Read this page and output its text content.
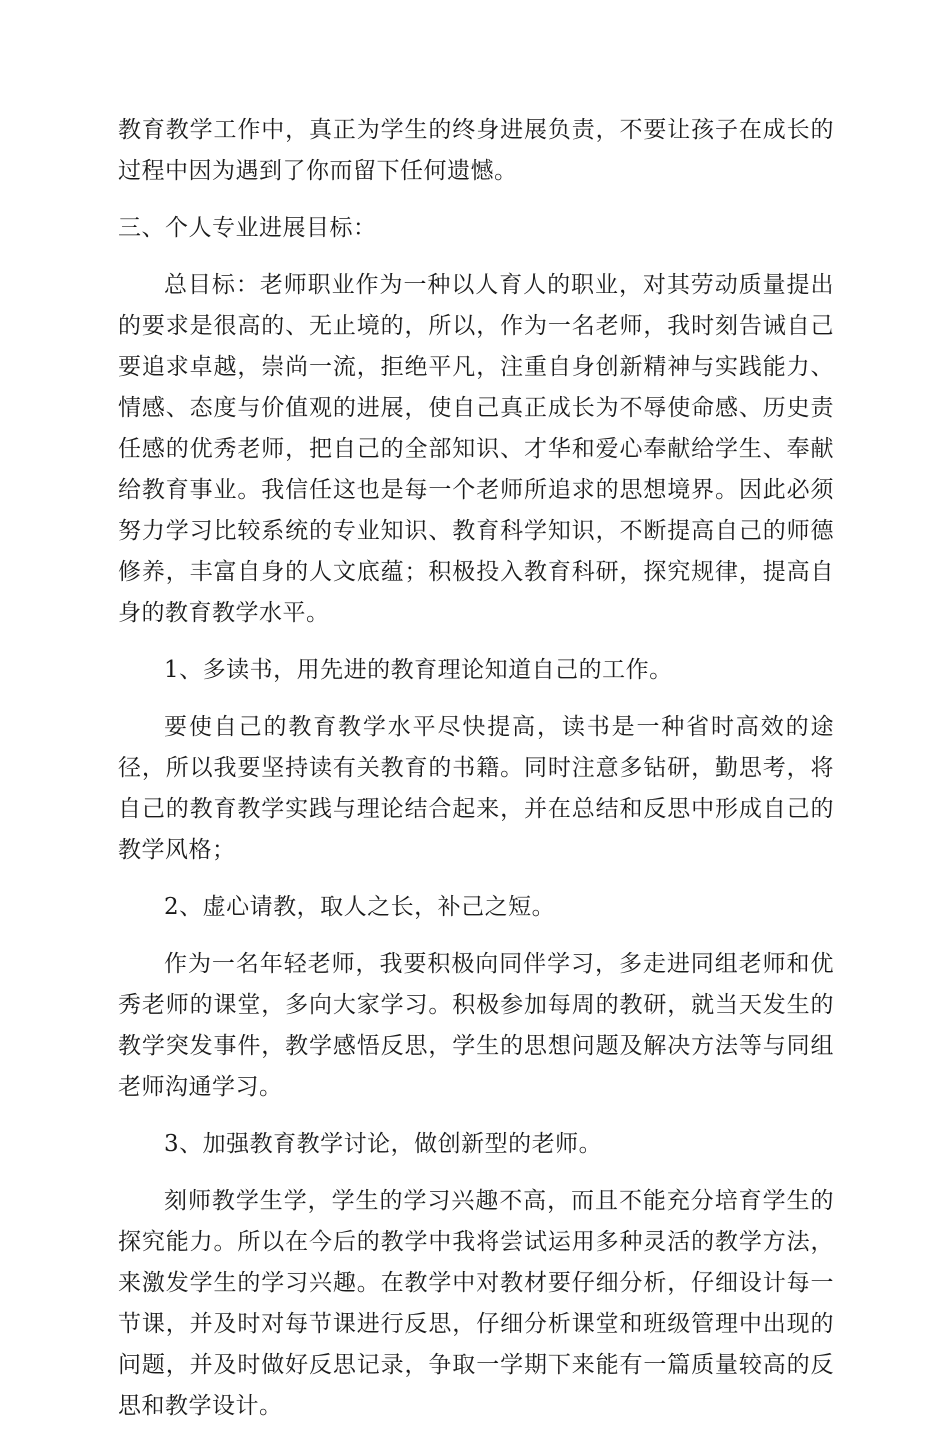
教育教学工作中，真正为学生的终身进展负责，不要让孩子在成长的过程中因为遇到了你而留下任何遗憾。

三、个人专业进展目标：

总目标：老师职业作为一种以人育人的职业，对其劳动质量提出的要求是很高的、无止境的，所以，作为一名老师，我时刻告诫自己要追求卓越，崇尚一流，拒绝平凡，注重自身创新精神与实践能力、情感、态度与价值观的进展，使自己真正成长为不辱使命感、历史责任感的优秀老师，把自己的全部知识、才华和爱心奉献给学生、奉献给教育事业。我信任这也是每一个老师所追求的思想境界。因此必须努力学习比较系统的专业知识、教育科学知识，不断提高自己的师德修养，丰富自身的人文底蕴；积极投入教育科研，探究规律，提高自身的教育教学水平。

1、多读书，用先进的教育理论知道自己的工作。

要使自己的教育教学水平尽快提高，读书是一种省时高效的途径，所以我要坚持读有关教育的书籍。同时注意多钻研，勤思考，将自己的教育教学实践与理论结合起来，并在总结和反思中形成自己的教学风格；

2、虚心请教，取人之长，补己之短。

作为一名年轻老师，我要积极向同伴学习，多走进同组老师和优秀老师的课堂，多向大家学习。积极参加每周的教研，就当天发生的教学突发事件，教学感悟反思，学生的思想问题及解决方法等与同组老师沟通学习。

3、加强教育教学讨论，做创新型的老师。

刻师教学生学，学生的学习兴趣不高，而且不能充分培育学生的探究能力。所以在今后的教学中我将尝试运用多种灵活的教学方法，来激发学生的学习兴趣。在教学中对教材要仔细分析，仔细设计每一节课，并及时对每节课进行反思，仔细分析课堂和班级管理中出现的问题，并及时做好反思记录，争取一学期下来能有一篇质量较高的反思和教学设计。
